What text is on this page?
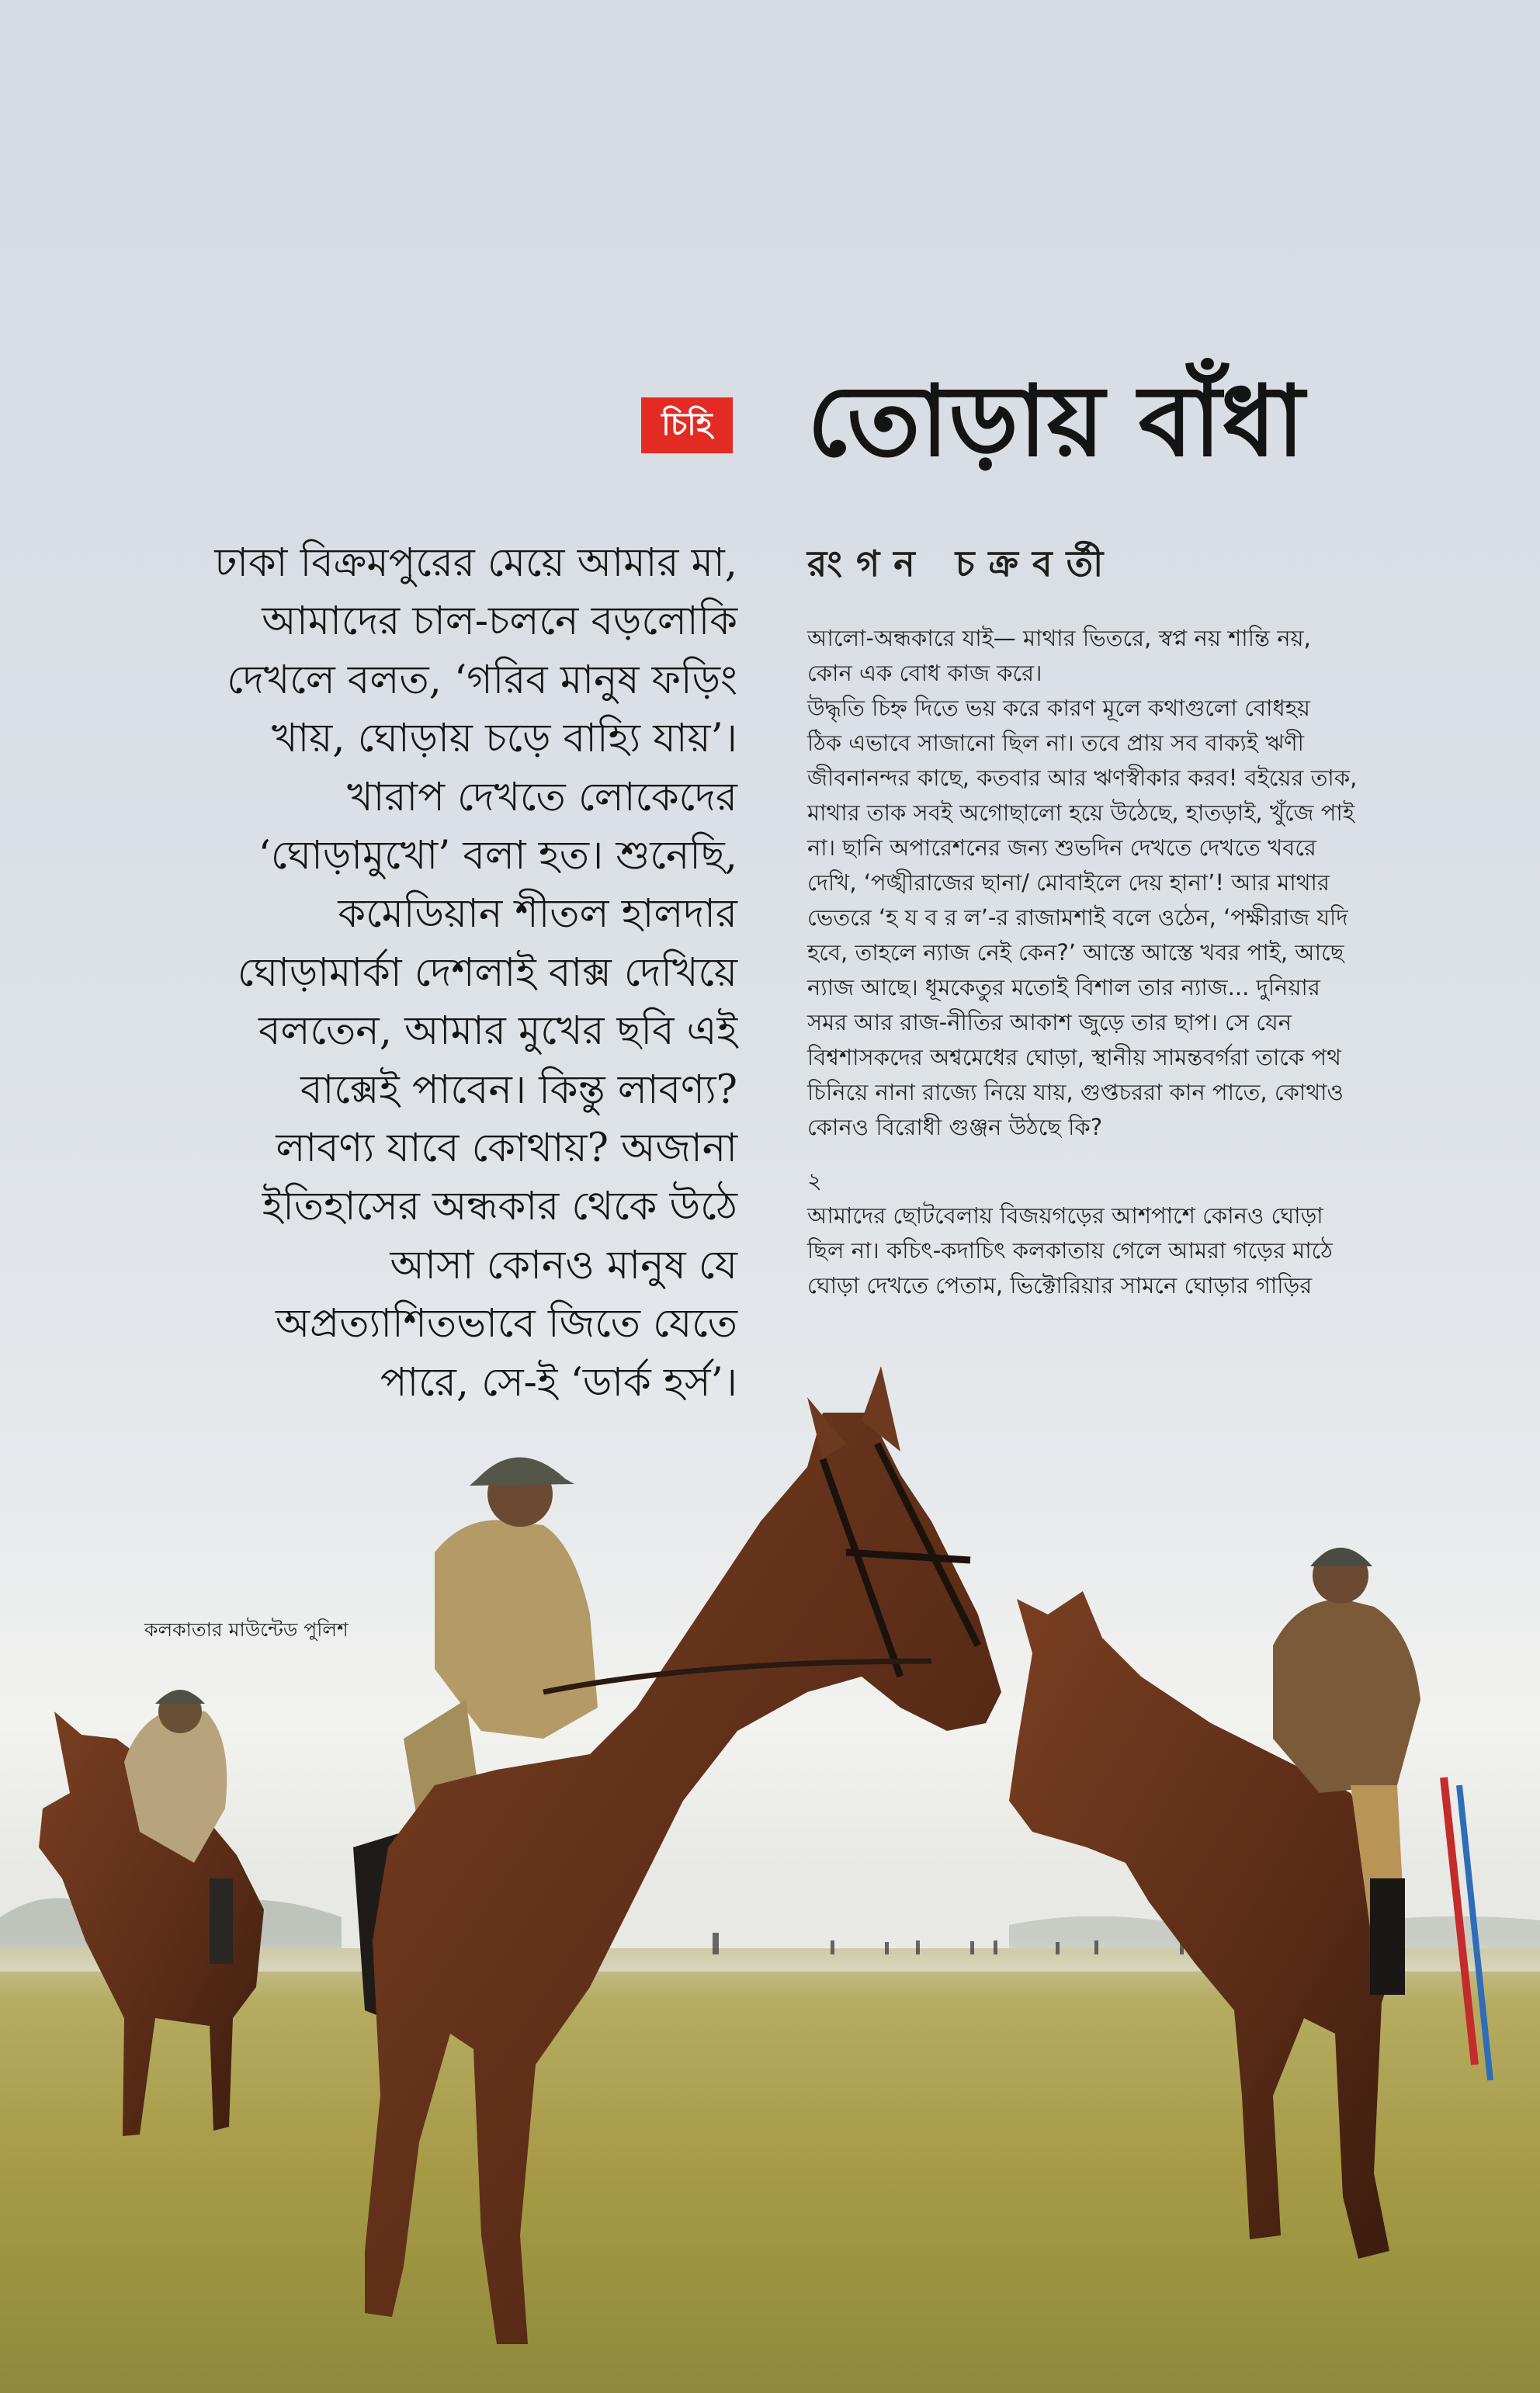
চিহি তোড়ায় বাঁধা
রংগন চক্রবর্তী
ঢাকা বিক্রমপুরের মেয়ে আমার মা,
আমাদের চাল-চলনে বড়লোকি
দেখলে বলত, ‘গরিব মানুষ ফড়িং
খায়, ঘোড়ায় চড়ে বাহ্যি যায়’।
খারাপ দেখতে লোকেদের
‘ঘোড়ামুখো’ বলা হত। শুনেছি,
কমেডিয়ান শীতল হালদার
ঘোড়ামার্কা দেশলাই বাক্স দেখিয়ে
বলতেন, আমার মুখের ছবি এই
বাক্সেই পাবেন। কিন্তু লাবণ্য?
লাবণ্য যাবে কোথায়? অজানা
ইতিহাসের অন্ধকার থেকে উঠে
আসা কোনও মানুষ যে
অপ্রত্যাশিতভাবে জিতে যেতে
পারে, সে-ই ‘ডার্ক হর্স’।
আলো-অন্ধকারে যাই— মাথার ভিতরে, স্বপ্ন নয় শান্তি নয়,
কোন এক বোধ কাজ করে।
উদ্ধৃতি চিহ্ন দিতে ভয় করে কারণ মূলে কথাগুলো বোধহয়
ঠিক এভাবে সাজানো ছিল না। তবে প্রায় সব বাক্যই ঋণী
জীবনানন্দর কাছে, কতবার আর ঋণস্বীকার করব! বইয়ের তাক,
মাথার তাক সবই অগোছালো হয়ে উঠেছে, হাতড়াই, খুঁজে পাই
না। ছানি অপারেশনের জন্য শুভদিন দেখতে দেখতে খবরে
দেখি, ‘পঙ্খীরাজের ছানা/ মোবাইলে দেয় হানা’! আর মাথার
ভেতরে ‘হ য ব র ল’-র রাজামশাই বলে ওঠেন, ‘পক্ষীরাজ যদি
হবে, তাহলে ন্যাজ নেই কেন?’ আস্তে আস্তে খবর পাই, আছে
ন্যাজ আছে। ধূমকেতুর মতোই বিশাল তার ন্যাজ... দুনিয়ার
সমর আর রাজ-নীতির আকাশ জুড়ে তার ছাপ। সে যেন
বিশ্বশাসকদের অশ্বমেধের ঘোড়া, স্থানীয় সামন্তবর্গরা তাকে পথ
চিনিয়ে নানা রাজ্যে নিয়ে যায়, গুপ্তচররা কান পাতে, কোথাও
কোনও বিরোধী গুঞ্জন উঠছে কি?
২
আমাদের ছোটবেলায় বিজয়গড়ের আশপাশে কোনও ঘোড়া
ছিল না। কচিৎ-কদাচিৎ কলকাতায় গেলে আমরা গড়ের মাঠে
ঘোড়া দেখতে পেতাম, ভিক্টোরিয়ার সামনে ঘোড়ার গাড়ির
কলকাতার মাউন্টেড পুলিশ
